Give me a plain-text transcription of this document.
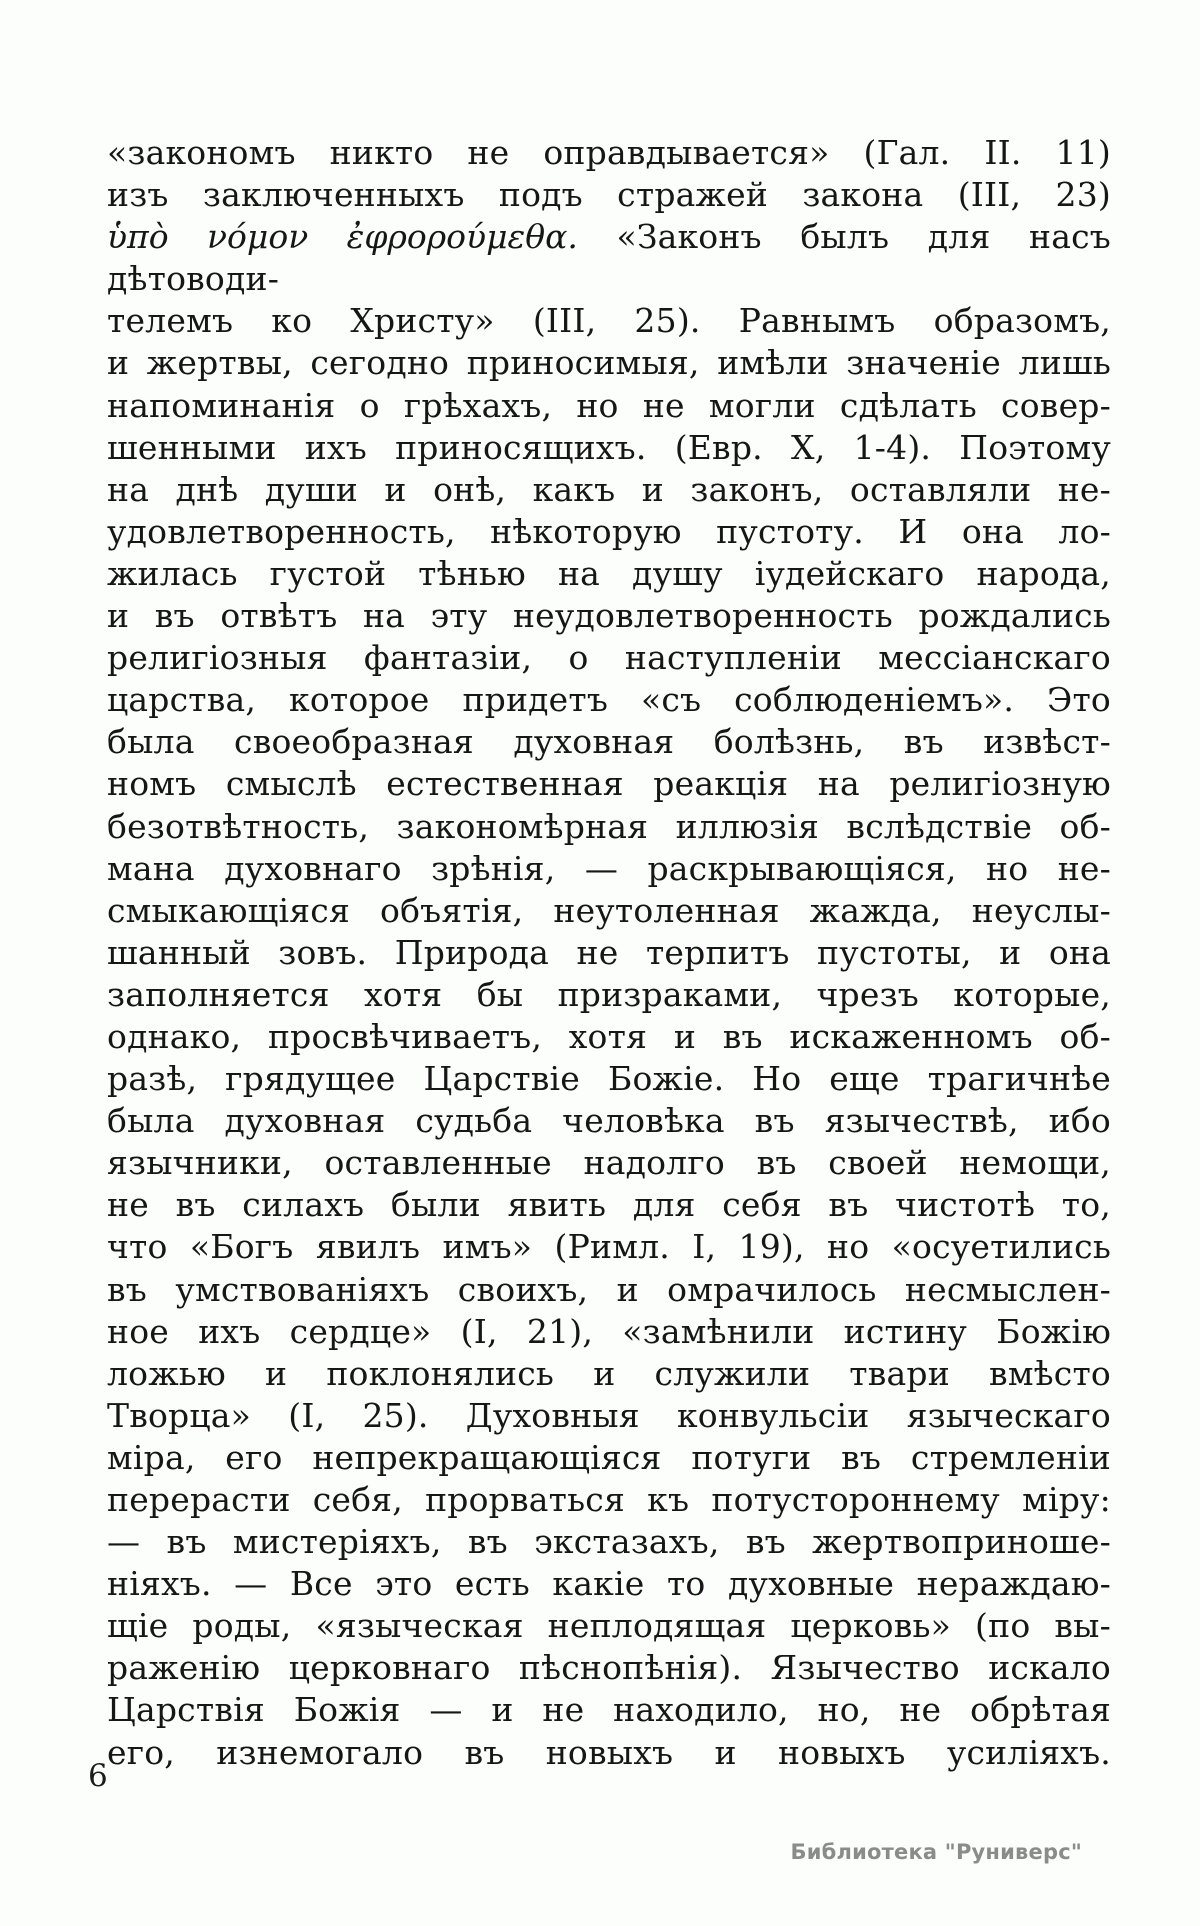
«закономъ никто не оправдывается» (Гал. II. 11)
изъ заключенныхъ подъ стражей закона (III, 23)
ὑπὸ νόμον ἐφρορούμεθα. «Законъ былъ для насъ дѣтоводи-
телемъ ко Христу» (III, 25). Равнымъ образомъ,
и жертвы, сегодно приносимыя, имѣли значеніе лишь
напоминанія о грѣхахъ, но не могли сдѣлать совер-
шенными ихъ приносящихъ. (Евр. X, 1-4). Поэтому
на днѣ души и онѣ, какъ и законъ, оставляли не-
удовлетворенность, нѣкоторую пустоту. И она ло-
жилась густой тѣнью на душу іудейскаго народа,
и въ отвѣтъ на эту неудовлетворенность рождались
религіозныя фантазіи, о наступленіи мессіанскаго
царства, которое придетъ «съ соблюденіемъ». Это
была своеобразная духовная болѣзнь, въ извѣст-
номъ смыслѣ естественная реакція на религіозную
безотвѣтность, закономѣрная иллюзія вслѣдствіе об-
мана духовнаго зрѣнія, — раскрывающіяся, но не-
смыкающіяся объятія, неутоленная жажда, неуслы-
шанный зовъ. Природа не терпитъ пустоты, и она
заполняется хотя бы призраками, чрезъ которые,
однако, просвѣчиваетъ, хотя и въ искаженномъ об-
разѣ, грядущее Царствіе Божіе. Но еще трагичнѣе
была духовная судьба человѣка въ язычествѣ, ибо
язычники, оставленные надолго въ своей немощи,
не въ силахъ были явить для себя въ чистотѣ то,
что «Богъ явилъ имъ» (Римл. I, 19), но «осуетились
въ умствованіяхъ своихъ, и омрачилось несмыслен-
ное ихъ сердце» (I, 21), «замѣнили истину Божію
ложью и поклонялись и служили твари вмѣсто
Творца» (I, 25). Духовныя конвульсіи языческаго
міра, его непрекращающіяся потуги въ стремленіи
перерасти себя, прорваться къ потустороннему міру:
— въ мистеріяхъ, въ экстазахъ, въ жертвоприноше-
ніяхъ. — Все это есть какіе то духовные нераждаю-
щіе роды, «языческая неплодящая церковь» (по вы-
раженію церковнаго пѣснопѣнія). Язычество искало
Царствія Божія — и не находило, но, не обрѣтая
его, изнемогало въ новыхъ и новыхъ усиліяхъ.
6
Библиотека "Руниверс"
